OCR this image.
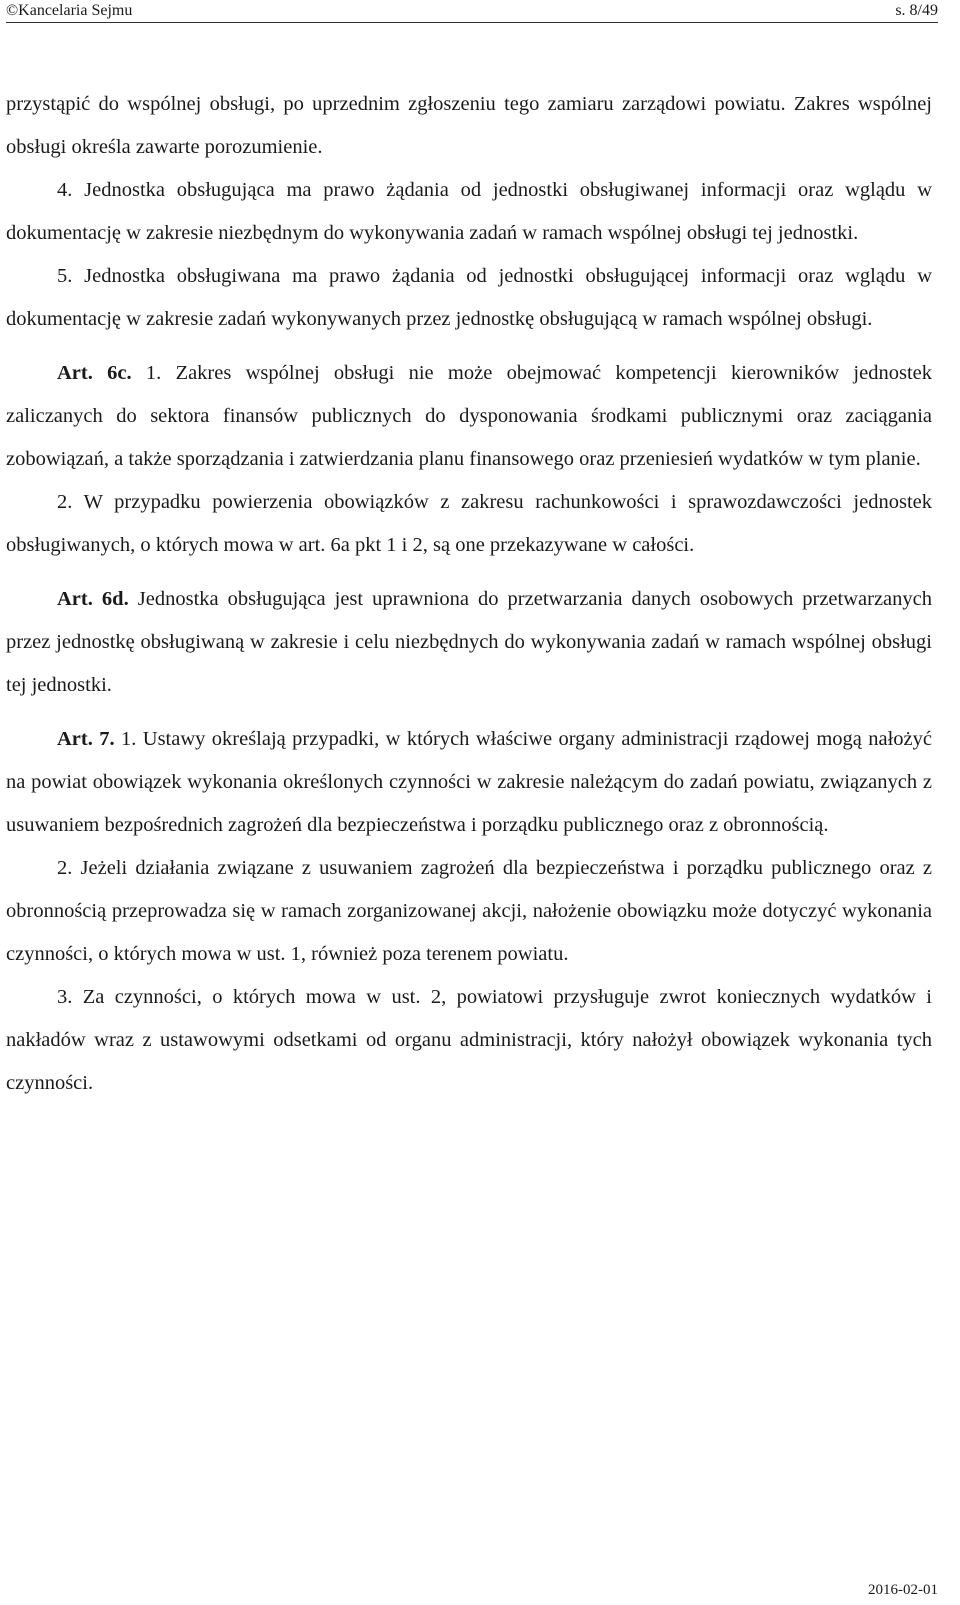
©Kancelaria Sejmu	s. 8/49

przystąpić do wspólnej obsługi, po uprzednim zgłoszeniu tego zamiaru zarządowi powiatu. Zakres wspólnej obsługi określa zawarte porozumienie.

4. Jednostka obsługująca ma prawo żądania od jednostki obsługiwanej informacji oraz wglądu w dokumentację w zakresie niezbędnym do wykonywania zadań w ramach wspólnej obsługi tej jednostki.

5. Jednostka obsługiwana ma prawo żądania od jednostki obsługującej informacji oraz wglądu w dokumentację w zakresie zadań wykonywanych przez jednostkę obsługującą w ramach wspólnej obsługi.

Art. 6c. 1. Zakres wspólnej obsługi nie może obejmować kompetencji kierowników jednostek zaliczanych do sektora finansów publicznych do dysponowania środkami publicznymi oraz zaciągania zobowiązań, a także sporządzania i zatwierdzania planu finansowego oraz przeniesień wydatków w tym planie.

2. W przypadku powierzenia obowiązków z zakresu rachunkowości i sprawozdawczości jednostek obsługiwanych, o których mowa w art. 6a pkt 1 i 2, są one przekazywane w całości.

Art. 6d. Jednostka obsługująca jest uprawniona do przetwarzania danych osobowych przetwarzanych przez jednostkę obsługiwaną w zakresie i celu niezbędnych do wykonywania zadań w ramach wspólnej obsługi tej jednostki.

Art. 7. 1. Ustawy określają przypadki, w których właściwe organy administracji rządowej mogą nałożyć na powiat obowiązek wykonania określonych czynności w zakresie należącym do zadań powiatu, związanych z usuwaniem bezpośrednich zagrożeń dla bezpieczeństwa i porządku publicznego oraz z obronnością.

2. Jeżeli działania związane z usuwaniem zagrożeń dla bezpieczeństwa i porządku publicznego oraz z obronnością przeprowadza się w ramach zorganizowanej akcji, nałożenie obowiązku może dotyczyć wykonania czynności, o których mowa w ust. 1, również poza terenem powiatu.

3. Za czynności, o których mowa w ust. 2, powiatowi przysługuje zwrot koniecznych wydatków i nakładów wraz z ustawowymi odsetkami od organu administracji, który nałożył obowiązek wykonania tych czynności.

2016-02-01
